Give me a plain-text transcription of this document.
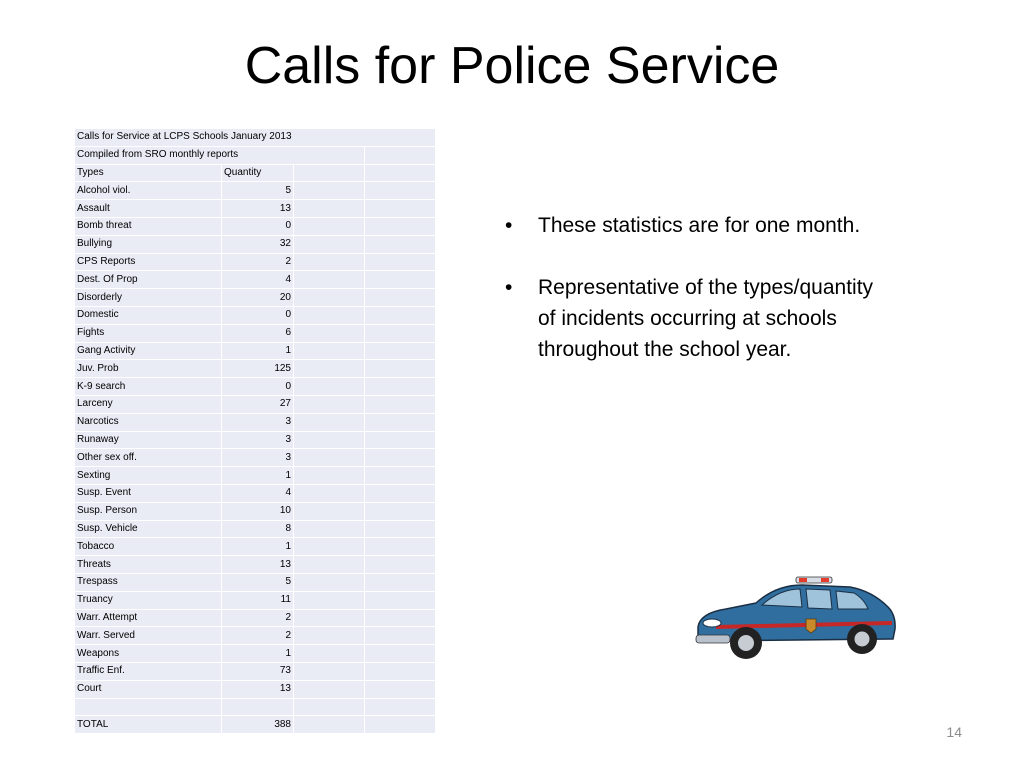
Calls for Police Service
Calls for Service at LCPS Schools January 2013			
Compiled from SRO monthly reports			
Types	Quantity		
Alcohol viol.	5		
Assault	13		
Bomb threat	0		
Bullying	32		
CPS Reports	2		
Dest. Of Prop	4		
Disorderly	20		
Domestic	0		
Fights	6		
Gang Activity	1		
Juv. Prob	125		
K-9 search	0		
Larceny	27		
Narcotics	3		
Runaway	3		
Other sex off.	3		
Sexting	1		
Susp. Event	4		
Susp. Person	10		
Susp. Vehicle	8		
Tobacco	1		
Threats	13		
Trespass	5		
Truancy	11		
Warr. Attempt	2		
Warr. Served	2		
Weapons	1		
Traffic Enf.	73		
Court	13		

TOTAL	388		
• These statistics are for one month.
• Representative of the types/quantity of incidents occurring at schools throughout the school year.
14
